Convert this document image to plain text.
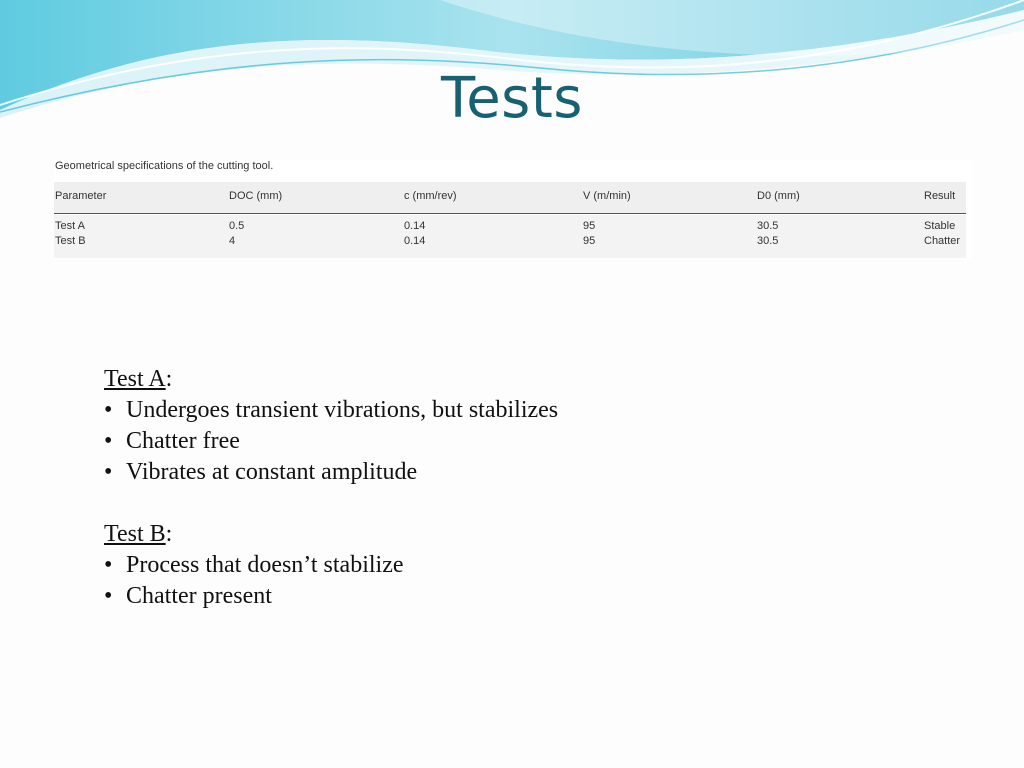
Tests
Geometrical specifications of the cutting tool.
Parameter	DOC (mm)	c (mm/rev)	V (m/min)	D0 (mm)	Result
Test A	0.5	0.14	95	30.5	Stable
Test B	4	0.14	95	30.5	Chatter
Test A:
• Undergoes transient vibrations, but stabilizes
• Chatter free
• Vibrates at constant amplitude
Test B:
• Process that doesn’t stabilize
• Chatter present
